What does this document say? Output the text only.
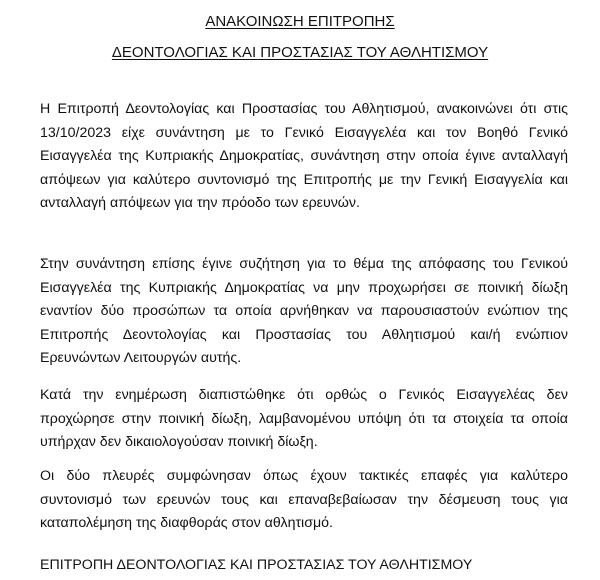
ΑΝΑΚΟΙΝΩΣΗ ΕΠΙΤΡΟΠΗΣ
ΔΕΟΝΤΟΛΟΓΙΑΣ ΚΑΙ ΠΡΟΣΤΑΣΙΑΣ ΤΟΥ ΑΘΛΗΤΙΣΜΟΥ

Η Επιτροπή Δεοντολογίας και Προστασίας του Αθλητισμού, ανακοινώνει ότι στις 13/10/2023 είχε συνάντηση με το Γενικό Εισαγγελέα και τον Βοηθό Γενικό Εισαγγελέα της Κυπριακής Δημοκρατίας, συνάντηση στην οποία έγινε ανταλλαγή απόψεων για καλύτερο συντονισμό της Επιτροπής με την Γενική Εισαγγελία και ανταλλαγή απόψεων για την πρόοδο των ερευνών.

Στην συνάντηση επίσης έγινε συζήτηση για το θέμα της απόφασης του Γενικού Εισαγγελέα της Κυπριακής Δημοκρατίας να μην προχωρήσει σε ποινική δίωξη εναντίον δύο προσώπων τα οποία αρνήθηκαν να παρουσιαστούν ενώπιον της Επιτροπής Δεοντολογίας και Προστασίας του Αθλητισμού και/ή ενώπιον Ερευνώντων Λειτουργών αυτής.

Κατά την ενημέρωση διαπιστώθηκε ότι ορθώς ο Γενικός Εισαγγελέας δεν προχώρησε στην ποινική δίωξη, λαμβανομένου υπόψη ότι τα στοιχεία τα οποία υπήρχαν δεν δικαιολογούσαν ποινική δίωξη.

Οι δύο πλευρές συμφώνησαν όπως έχουν τακτικές επαφές για καλύτερο συντονισμό των ερευνών τους και επαναβεβαίωσαν την δέσμευση τους για καταπολέμηση της διαφθοράς στον αθλητισμό.

ΕΠΙΤΡΟΠΗ ΔΕΟΝΤΟΛΟΓΙΑΣ ΚΑΙ ΠΡΟΣΤΑΣΙΑΣ ΤΟΥ ΑΘΛΗΤΙΣΜΟΥ
